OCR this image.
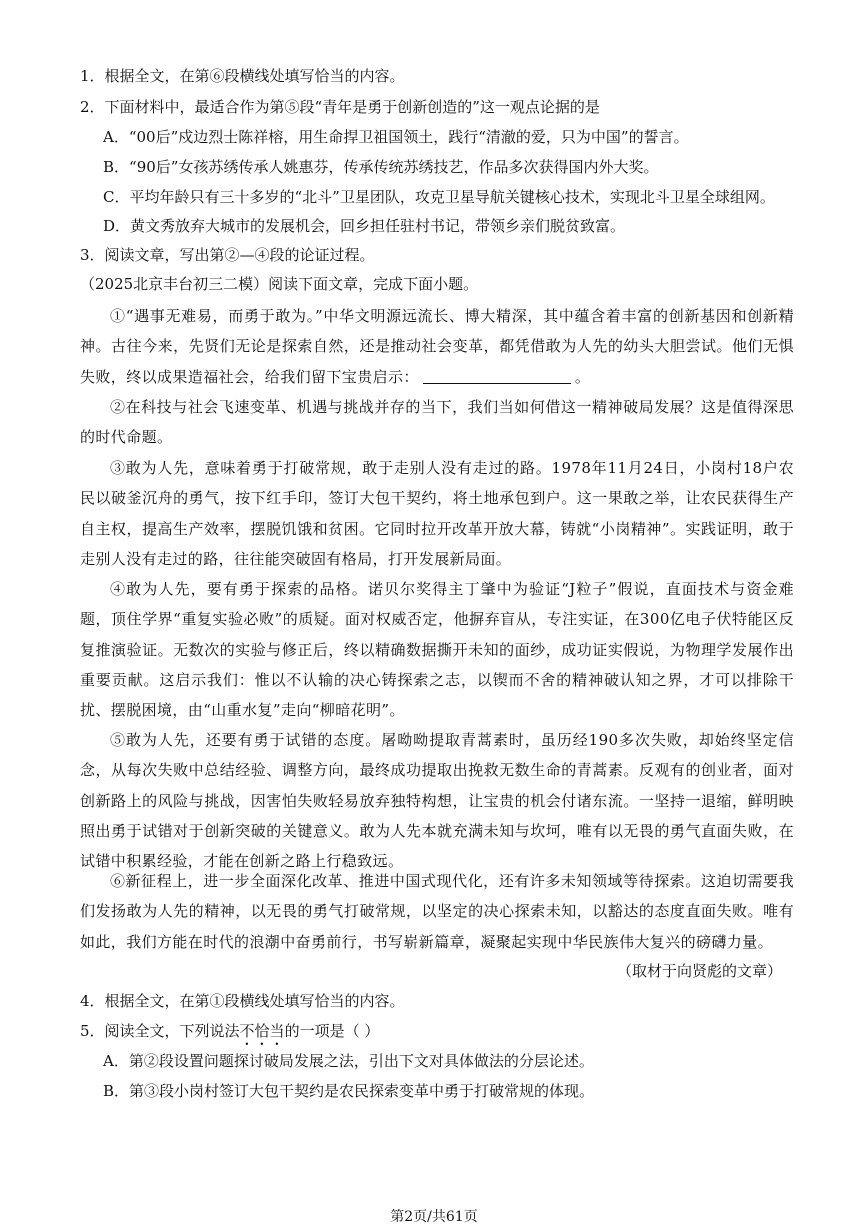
1．根据全文，在第⑥段横线处填写恰当的内容。
2．下面材料中，最适合作为第⑤段“青年是勇于创新创造的”这一观点论据的是
A．“00后”戍边烈士陈祥榕，用生命捍卫祖国领土，践行“清澈的爱，只为中国”的誓言。
B．“90后”女孩苏绣传承人姚惠芬，传承传统苏绣技艺，作品多次获得国内外大奖。
C．平均年龄只有三十多岁的“北斗”卫星团队，攻克卫星导航关键核心技术，实现北斗卫星全球组网。
D．黄文秀放弃大城市的发展机会，回乡担任驻村书记，带领乡亲们脱贫致富。
3．阅读文章，写出第②—④段的论证过程。
（2025北京丰台初三二模）阅读下面文章，完成下面小题。
①“遇事无难易，而勇于敢为。”中华文明源远流长、博大精深，其中蕴含着丰富的创新基因和创新精神。古往今来，先贤们无论是探索自然，还是推动社会变革，都凭借敢为人先的幼头大胆尝试。他们无惧失败，终以成果造福社会，给我们留下宝贵启示：	。
②在科技与社会飞速变革、机遇与挑战并存的当下，我们当如何借这一精神破局发展？这是值得深思的时代命题。
③敢为人先，意味着勇于打破常规，敢于走别人没有走过的路。1978年11月24日，小岗村18户农民以破釜沉舟的勇气，按下红手印，签订大包干契约，将土地承包到户。这一果敢之举，让农民获得生产自主权，提高生产效率，摆脱饥饿和贫困。它同时拉开改革开放大幕，铸就“小岗精神”。实践证明，敢于走别人没有走过的路，往往能突破固有格局，打开发展新局面。
④敢为人先，要有勇于探索的品格。诺贝尔奖得主丁肇中为验证“J粒子”假说，直面技术与资金难题，顶住学界“重复实验必败”的质疑。面对权威否定，他摒弃盲从，专注实证，在300亿电子伏特能区反复推演验证。无数次的实验与修正后，终以精确数据撕开未知的面纱，成功证实假说，为物理学发展作出重要贡献。这启示我们：惟以不认输的决心铸探索之志，以锲而不舍的精神破认知之界，才可以排除干扰、摆脱困境，由“山重水复”走向“柳暗花明”。
⑤敢为人先，还要有勇于试错的态度。屠呦呦提取青蒿素时，虽历经190多次失败，却始终坚定信念，从每次失败中总结经验、调整方向，最终成功提取出挽救无数生命的青蒿素。反观有的创业者，面对创新路上的风险与挑战，因害怕失败轻易放弃独特构想，让宝贵的机会付诸东流。一坚持一退缩，鲜明映照出勇于试错对于创新突破的关键意义。敢为人先本就充满未知与坎坷，唯有以无畏的勇气直面失败，在试错中积累经验，才能在创新之路上行稳致远。
⑥新征程上，进一步全面深化改革、推进中国式现代化，还有许多未知领域等待探索。这迫切需要我们发扬敢为人先的精神，以无畏的勇气打破常规，以坚定的决心探索未知，以豁达的态度直面失败。唯有如此，我们方能在时代的浪潮中奋勇前行，书写崭新篇章，凝聚起实现中华民族伟大复兴的磅礴力量。
（取材于向贤彪的文章）
4．根据全文，在第①段横线处填写恰当的内容。
5．阅读全文，下列说法不恰当的一项是（ ）
A．第②段设置问题探讨破局发展之法，引出下文对具体做法的分层论述。
B．第③段小岗村签订大包干契约是农民探索变革中勇于打破常规的体现。
第2页/共61页
